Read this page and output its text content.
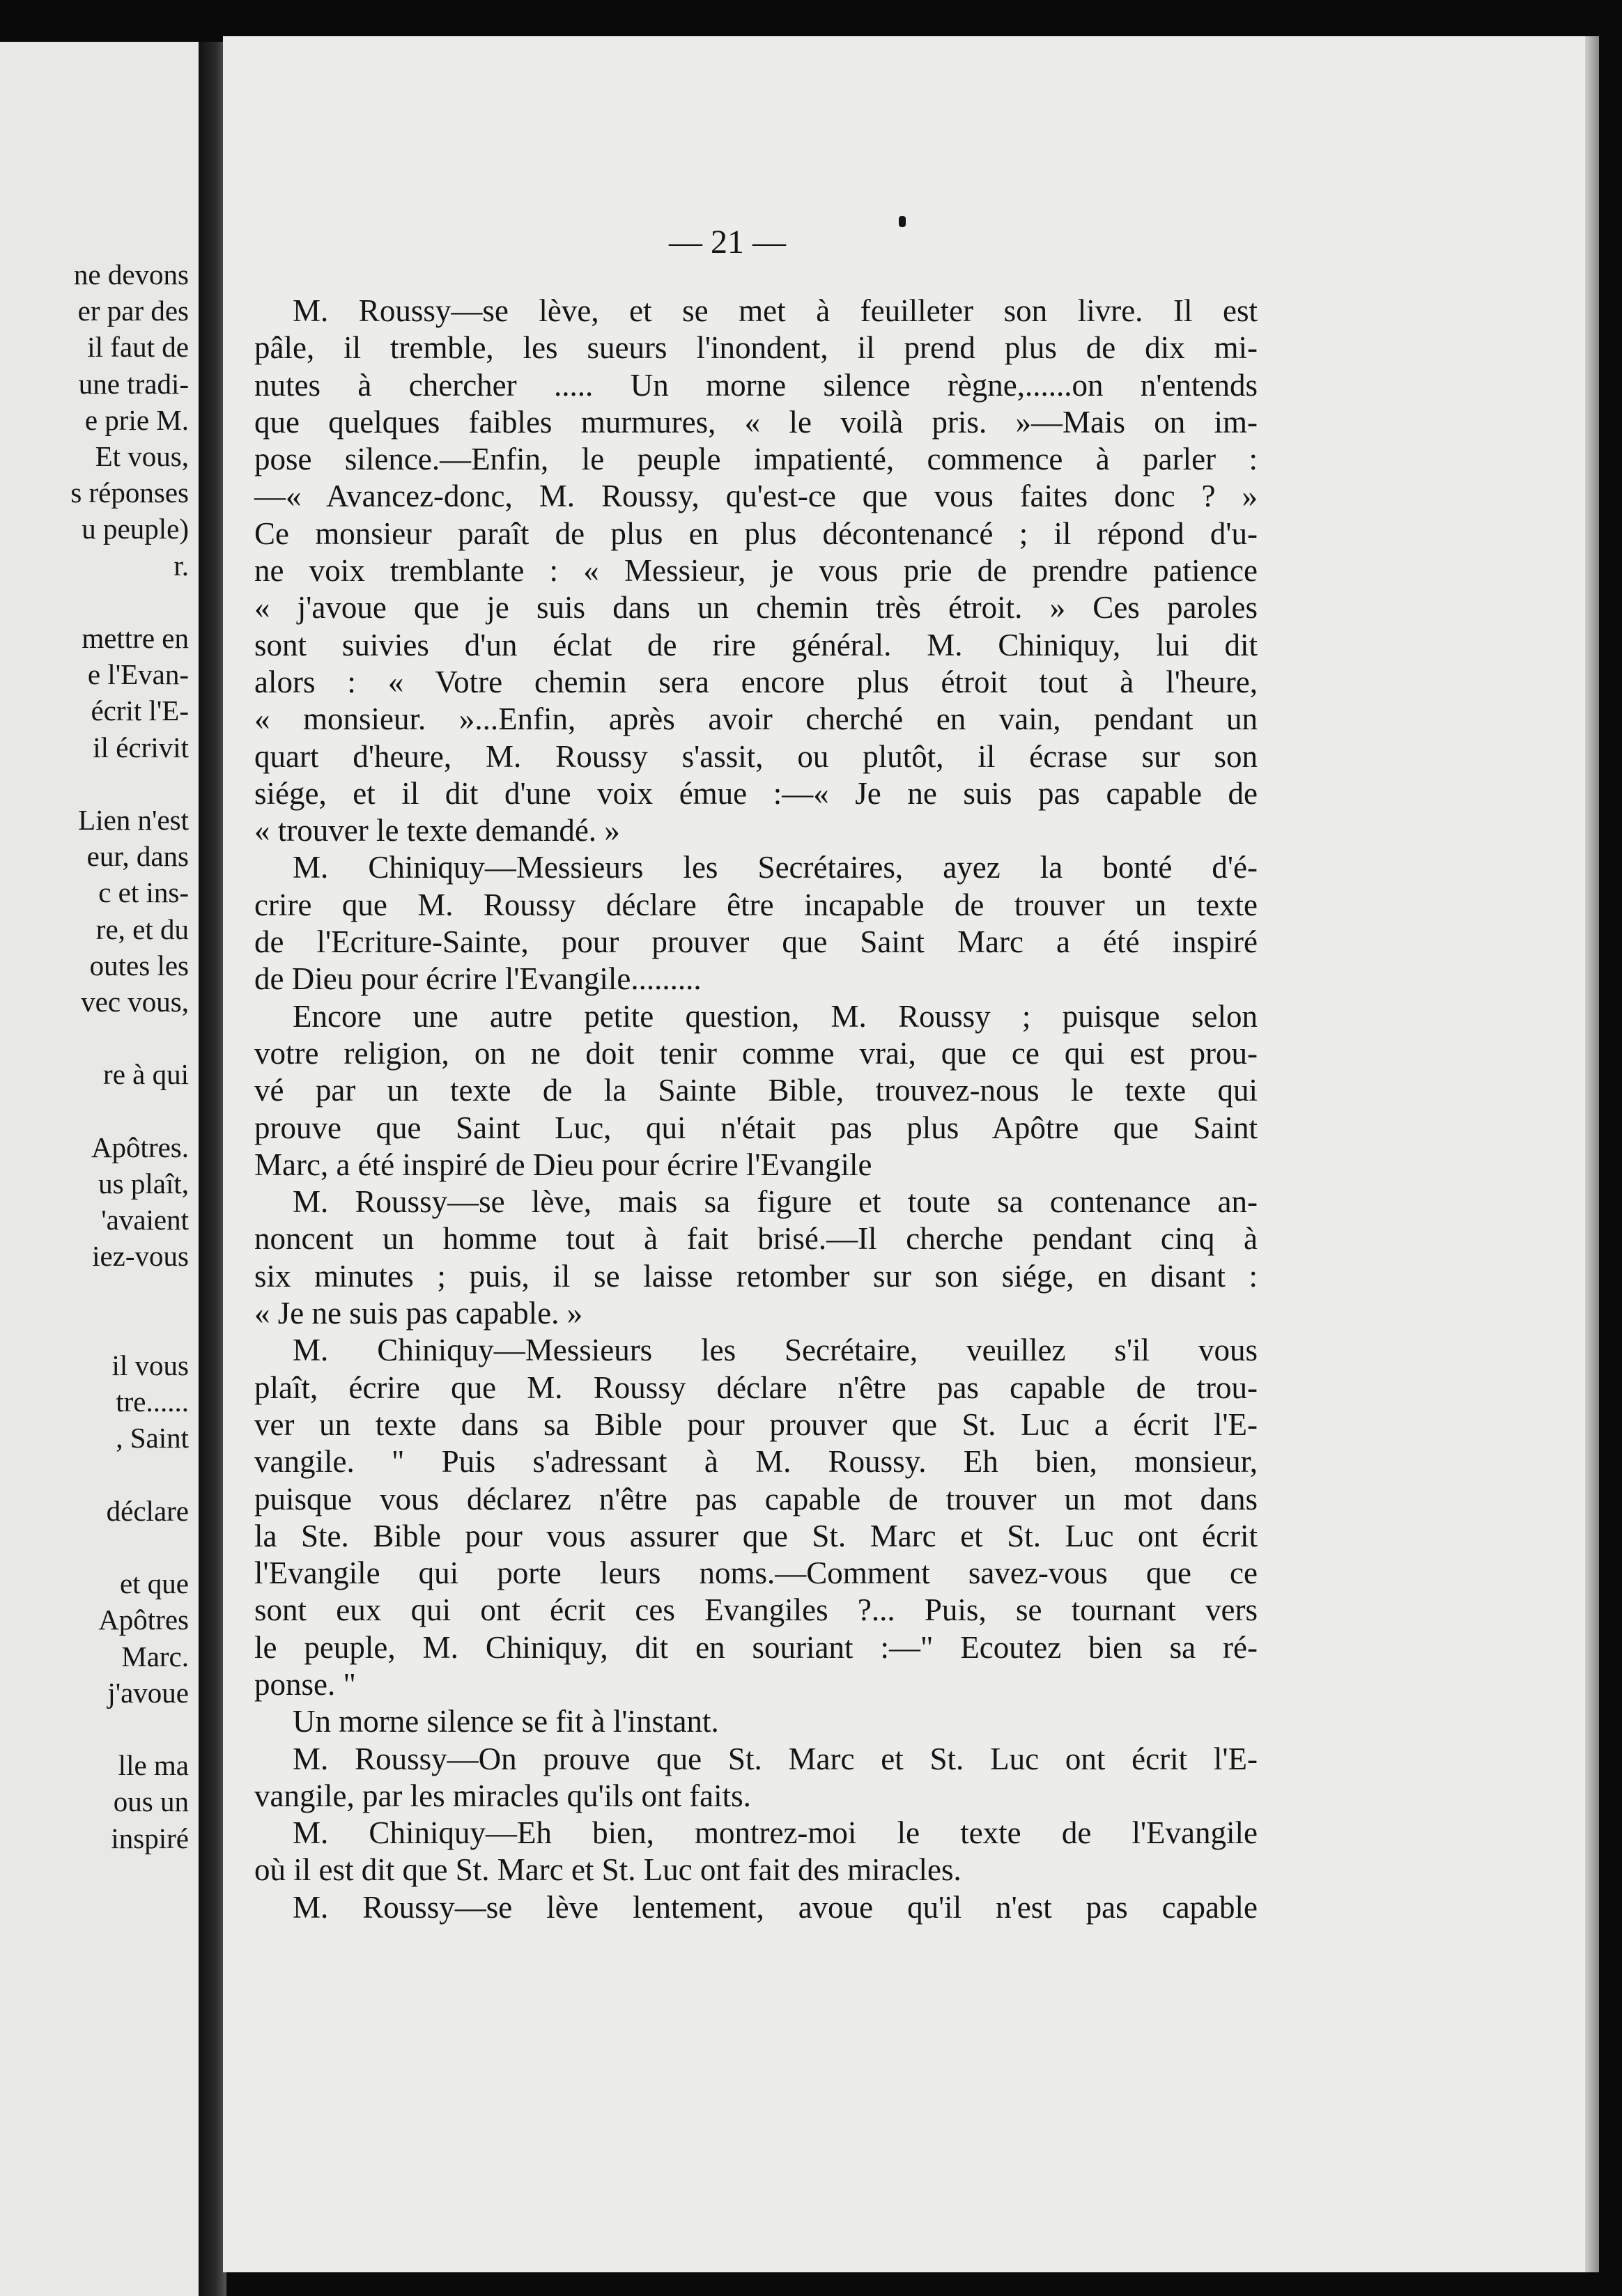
ne devons
er par des
il faut de
une tradi-
e prie M.
Et vous,
s réponses
u peuple)
r.
mettre en
e l'Evan-
écrit l'E-
il écrivit
Lien n'est
eur, dans
c et ins-
re, et du
outes les
vec vous,
re à qui
Apôtres.
us plaît,
'avaient
iez-vous
il vous
tre......
, Saint
déclare
et que
Apôtres
Marc.
j'avoue
lle ma
ous un
inspiré
— 21 —
M. Roussy—se lève, et se met à feuilleter son livre. Il est
pâle, il tremble, les sueurs l'inondent, il prend plus de dix mi-
nutes à chercher ..... Un morne silence règne,......on n'entends
que quelques faibles murmures, « le voilà pris. »—Mais on im-
pose silence.—Enfin, le peuple impatienté, commence à parler :
—« Avancez-donc, M. Roussy, qu'est-ce que vous faites donc ? »
Ce monsieur paraît de plus en plus décontenancé ; il répond d'u-
ne voix tremblante : « Messieur, je vous prie de prendre patience
« j'avoue que je suis dans un chemin très étroit. » Ces paroles
sont suivies d'un éclat de rire général. M. Chiniquy, lui dit
alors : « Votre chemin sera encore plus étroit tout à l'heure,
« monsieur. »...Enfin, après avoir cherché en vain, pendant un
quart d'heure, M. Roussy s'assit, ou plutôt, il écrase sur son
siége, et il dit d'une voix émue :—« Je ne suis pas capable de
« trouver le texte demandé. »
M. Chiniquy—Messieurs les Secrétaires, ayez la bonté d'é-
crire que M. Roussy déclare être incapable de trouver un texte
de l'Ecriture-Sainte, pour prouver que Saint Marc a été inspiré
de Dieu pour écrire l'Evangile.........
Encore une autre petite question, M. Roussy ; puisque selon
votre religion, on ne doit tenir comme vrai, que ce qui est prou-
vé par un texte de la Sainte Bible, trouvez-nous le texte qui
prouve que Saint Luc, qui n'était pas plus Apôtre que Saint
Marc, a été inspiré de Dieu pour écrire l'Evangile
M. Roussy—se lève, mais sa figure et toute sa contenance an-
noncent un homme tout à fait brisé.—Il cherche pendant cinq à
six minutes ; puis, il se laisse retomber sur son siége, en disant :
« Je ne suis pas capable. »
M. Chiniquy—Messieurs les Secrétaire, veuillez s'il vous
plaît, écrire que M. Roussy déclare n'être pas capable de trou-
ver un texte dans sa Bible pour prouver que St. Luc a écrit l'E-
vangile. " Puis s'adressant à M. Roussy. Eh bien, monsieur,
puisque vous déclarez n'être pas capable de trouver un mot dans
la Ste. Bible pour vous assurer que St. Marc et St. Luc ont écrit
l'Evangile qui porte leurs noms.—Comment savez-vous que ce
sont eux qui ont écrit ces Evangiles ?... Puis, se tournant vers
le peuple, M. Chiniquy, dit en souriant :—" Ecoutez bien sa ré-
ponse. "
Un morne silence se fit à l'instant.
M. Roussy—On prouve que St. Marc et St. Luc ont écrit l'E-
vangile, par les miracles qu'ils ont faits.
M. Chiniquy—Eh bien, montrez-moi le texte de l'Evangile
où il est dit que St. Marc et St. Luc ont fait des miracles.
M. Roussy—se lève lentement, avoue qu'il n'est pas capable
